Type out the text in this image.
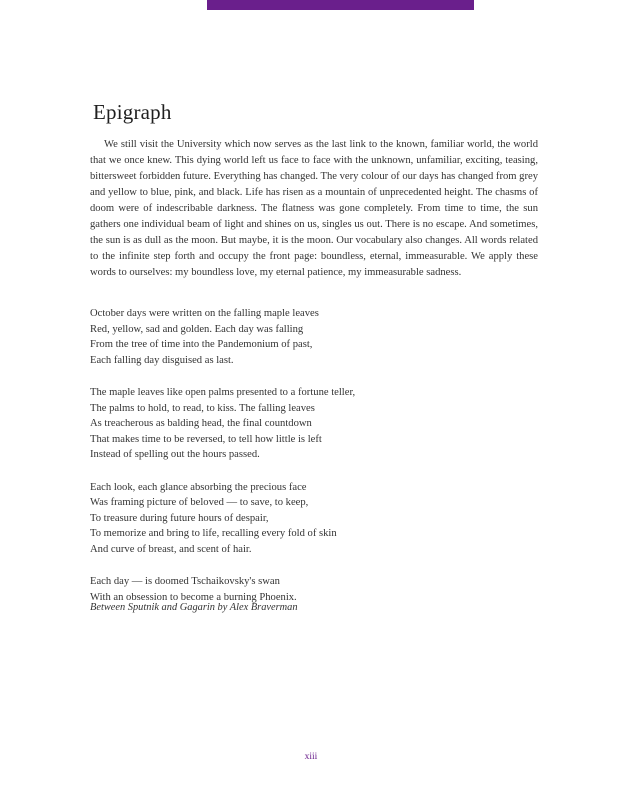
Epigraph

We still visit the University which now serves as the last link to the known, familiar world, the world that we once knew. This dying world left us face to face with the unknown, unfamiliar, exciting, teasing, bittersweet forbidden future. Everything has changed. The very colour of our days has changed from grey and yellow to blue, pink, and black. Life has risen as a mountain of unprecedented height. The chasms of doom were of indescribable darkness. The flatness was gone completely. From time to time, the sun gathers one individual beam of light and shines on us, singles us out. There is no escape. And sometimes, the sun is as dull as the moon. But maybe, it is the moon. Our vocabulary also changes. All words related to the infinite step forth and occupy the front page: boundless, eternal, immeasurable. We apply these words to ourselves: my boundless love, my eternal patience, my immeasurable sadness.

October days were written on the falling maple leaves
Red, yellow, sad and golden. Each day was falling
From the tree of time into the Pandemonium of past,
Each falling day disguised as last.
The maple leaves like open palms presented to a fortune teller,
The palms to hold, to read, to kiss. The falling leaves
As treacherous as balding head, the final countdown
That makes time to be reversed, to tell how little is left
Instead of spelling out the hours passed.
Each look, each glance absorbing the precious face
Was framing picture of beloved — to save, to keep,
To treasure during future hours of despair,
To memorize and bring to life, recalling every fold of skin
And curve of breast, and scent of hair.
Each day — is doomed Tschaikovsky's swan
With an obsession to become a burning Phoenix.

Between Sputnik and Gagarin by Alex Braverman

xiii
